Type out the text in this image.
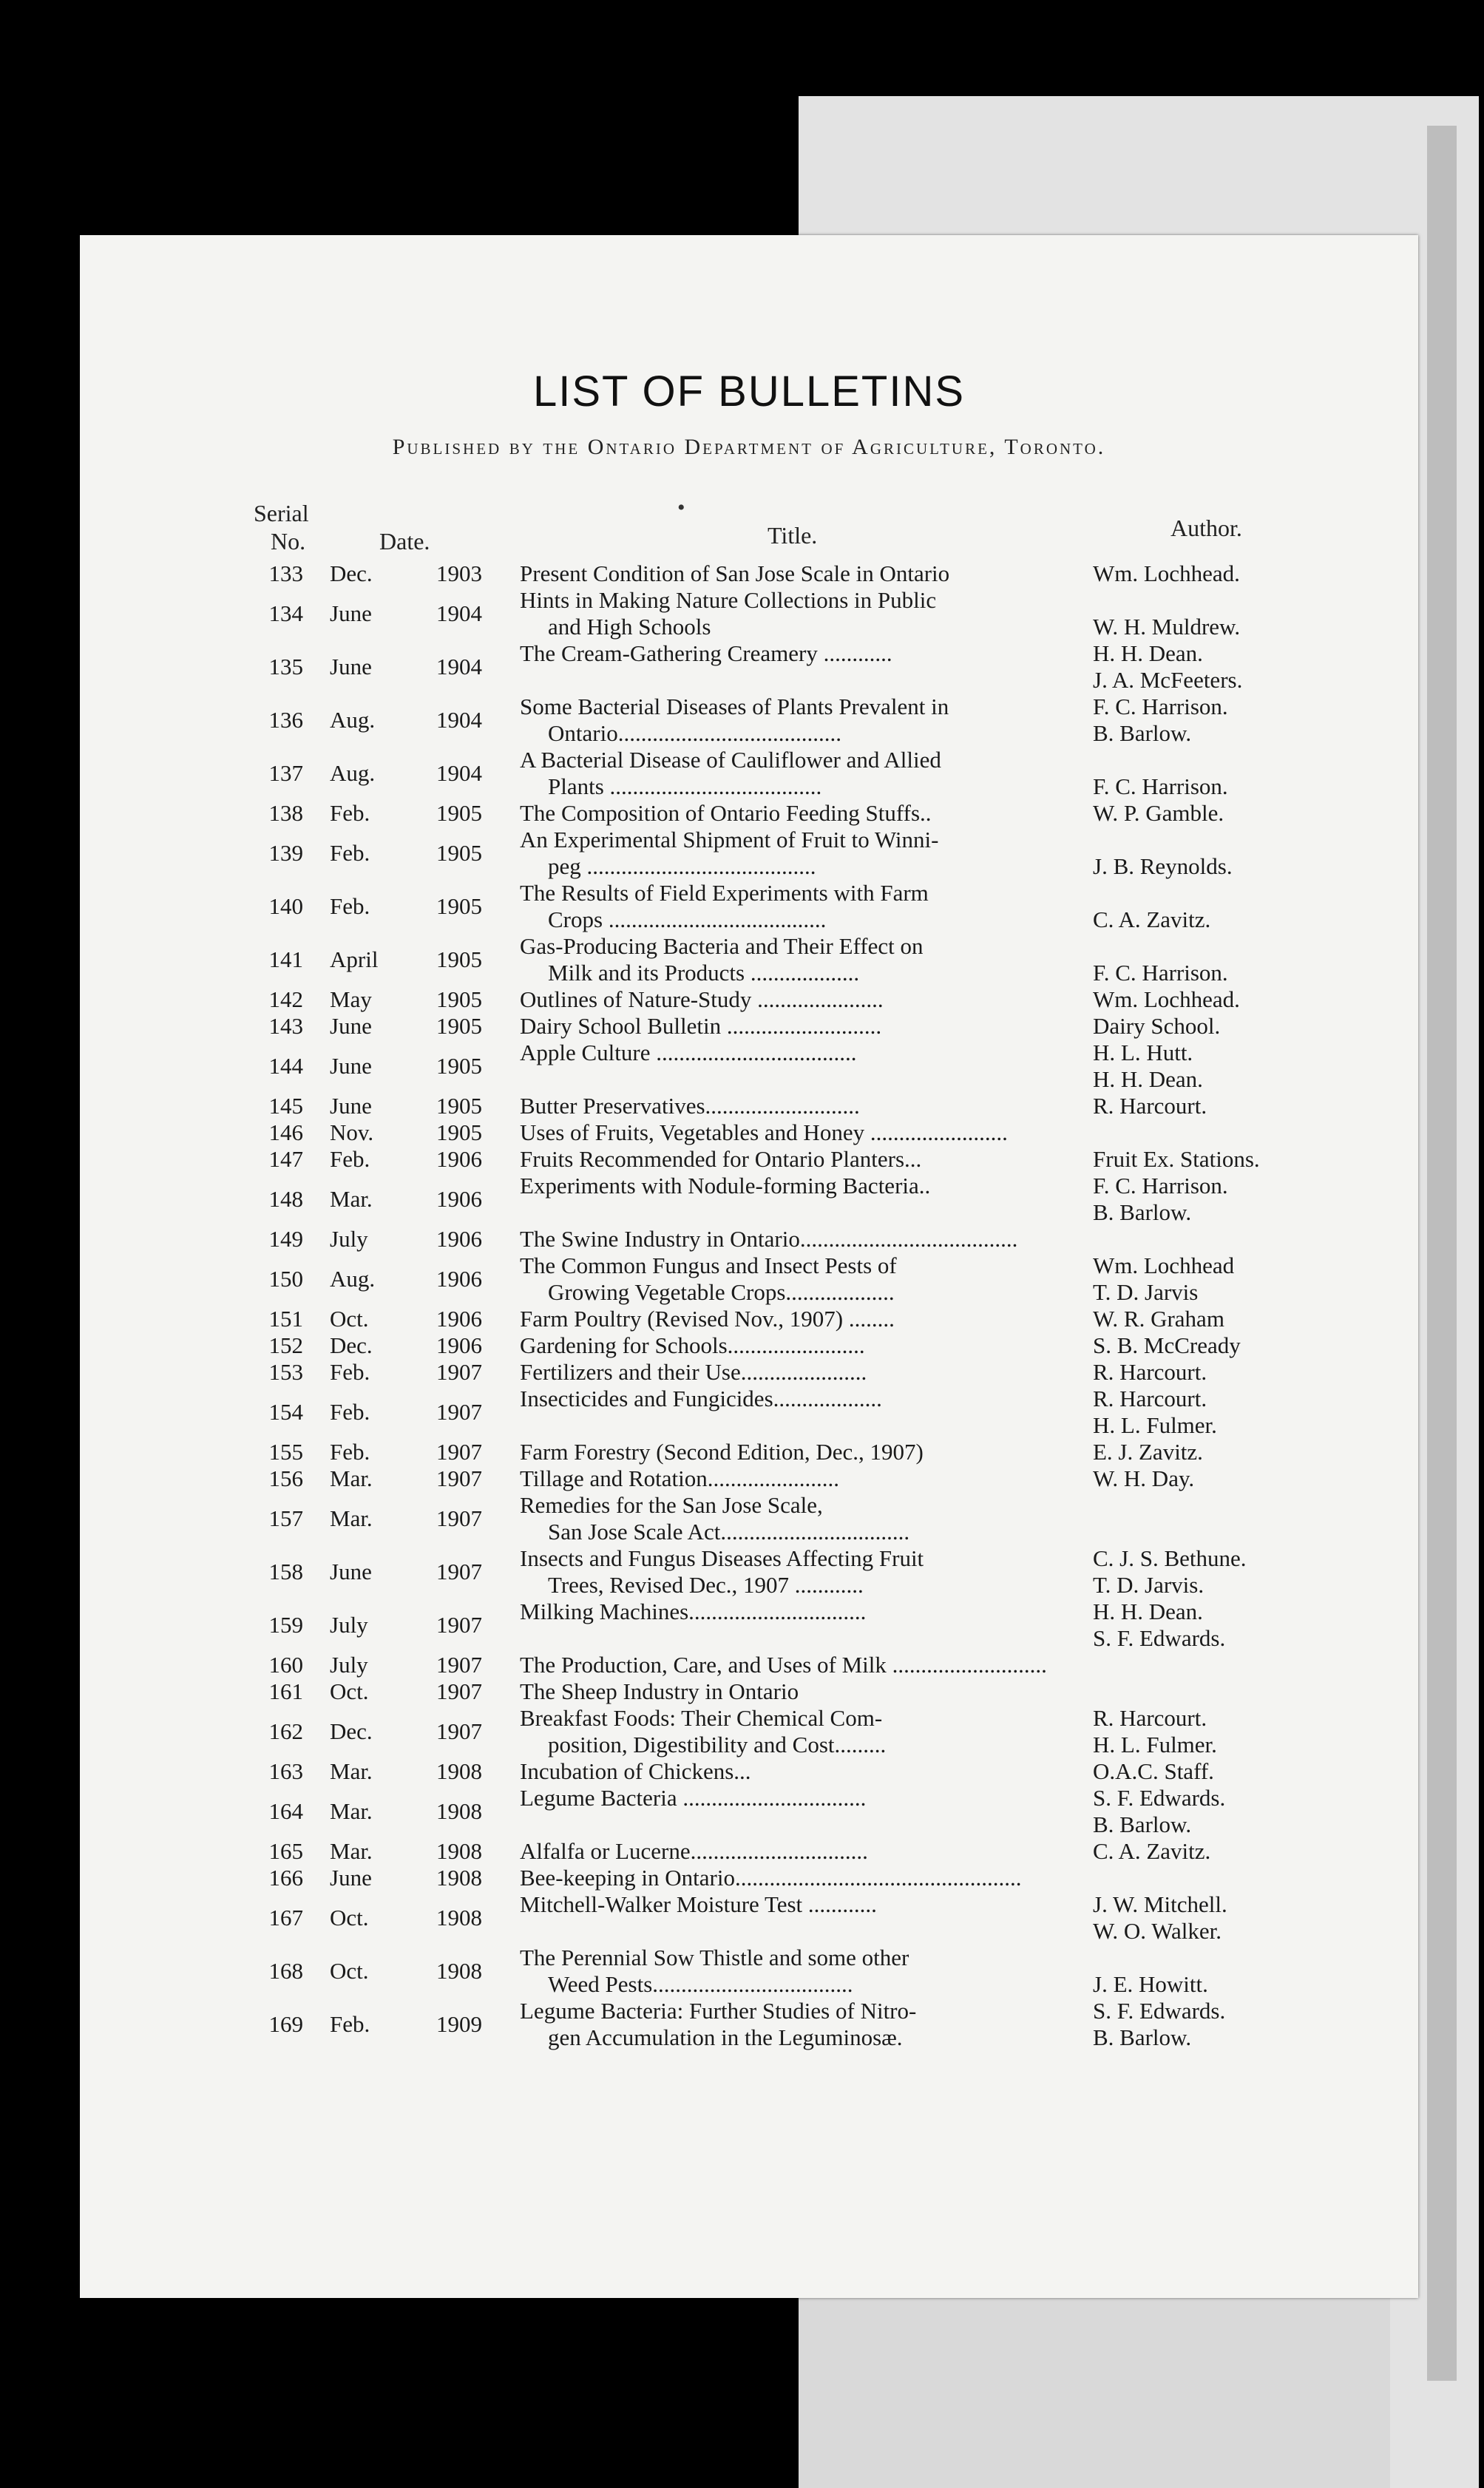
LIST OF BULLETINS
Published by the Ontario Department of Agriculture, Toronto.
Serial
No.	Date.	Title.	Author.
•
133 Dec.	1903 Present Condition of San Jose Scale in Ontario	Wm. Lochhead.
134 June	1904
Hints in Making Nature Collections in Public
and High Schools	W. H. Muldrew.
135 June	1904
The Cream-Gathering Creamery ............	H. H. Dean.
J. A. McFeeters.
136 Aug.	1904
Some Bacterial Diseases of Plants Prevalent in
Ontario.......................................
F. C. Harrison.
B. Barlow.
137 Aug.	1904
A Bacterial Disease of Cauliflower and Allied
Plants .....................................	F. C. Harrison.
138 Feb.	1905 The Composition of Ontario Feeding Stuffs..	W. P. Gamble.
139 Feb.	1905
An Experimental Shipment of Fruit to Winni-
peg ........................................	J. B. Reynolds.
140 Feb.	1905
The Results of Field Experiments with Farm
Crops ......................................	C. A. Zavitz.
141 April	1905
Gas-Producing Bacteria and Their Effect on
Milk and its Products ...................	F. C. Harrison.
142 May	1905 Outlines of Nature-Study ......................	Wm. Lochhead.
143 June	1905 Dairy School Bulletin ...........................	Dairy School.
144 June	1905
Apple Culture ...................................	H. L. Hutt.
H. H. Dean.
145 June	1905 Butter Preservatives...........................	R. Harcourt.
146 Nov.	1905 Uses of Fruits, Vegetables and Honey ........................
147 Feb.	1906 Fruits Recommended for Ontario Planters...	Fruit Ex. Stations.
148 Mar.	1906
Experiments with Nodule-forming Bacteria..	F. C. Harrison.
B. Barlow.
149 July	1906 The Swine Industry in Ontario......................................
150 Aug.	1906
The Common Fungus and Insect Pests of
Growing Vegetable Crops...................
Wm. Lochhead
T. D. Jarvis
151 Oct.	1906 Farm Poultry (Revised Nov., 1907) ........	W. R. Graham
152 Dec.	1906 Gardening for Schools........................	S. B. McCready
153 Feb.	1907 Fertilizers and their Use......................	R. Harcourt.
154 Feb.	1907
Insecticides and Fungicides...................	R. Harcourt.
H. L. Fulmer.
155 Feb.	1907 Farm Forestry (Second Edition, Dec., 1907)	E. J. Zavitz.
156 Mar.	1907 Tillage and Rotation.......................	W. H. Day.
157 Mar.	1907
Remedies for the San Jose Scale,
San Jose Scale Act.................................
158 June	1907
Insects and Fungus Diseases Affecting Fruit
Trees, Revised Dec., 1907 ............
C. J. S. Bethune.
T. D. Jarvis.
159 July	1907
Milking Machines...............................	H. H. Dean.
S. F. Edwards.
160 July	1907 The Production, Care, and Uses of Milk ...........................
161 Oct.	1907 The Sheep Industry in Ontario
162 Dec.	1907
Breakfast Foods: Their Chemical Com-
position, Digestibility and Cost.........
R. Harcourt.
H. L. Fulmer.
163 Mar.	1908 Incubation of Chickens...	O.A.C. Staff.
164 Mar.	1908
Legume Bacteria ................................	S. F. Edwards.
B. Barlow.
165 Mar.	1908 Alfalfa or Lucerne...............................	C. A. Zavitz.
166 June	1908 Bee-keeping in Ontario..................................................
167 Oct.	1908
Mitchell-Walker Moisture Test ............	J. W. Mitchell.
W. O. Walker.
168 Oct.	1908
The Perennial Sow Thistle and some other
Weed Pests...................................	J. E. Howitt.
169 Feb.	1909
Legume Bacteria: Further Studies of Nitro-
gen Accumulation in the Leguminosæ.
S. F. Edwards.
B. Barlow.
